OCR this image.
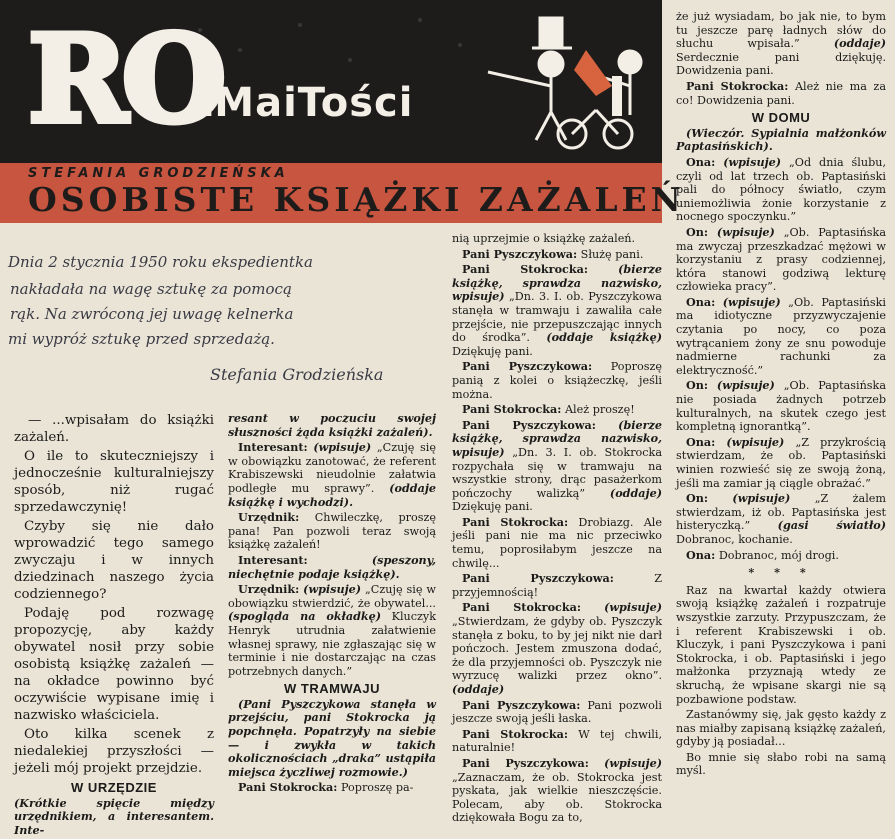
RO
zMaiTości
STEFANIA GRODZIEŃSKA
OSOBISTE KSIĄŻKI ZAŻALEŃ
Dnia 2 stycznia 1950 roku ekspedientka
nakładała na wagę sztukę za pomocą
rąk. Na zwróconą jej uwagę kelnerka
mi wypróż sztukę przed sprzedażą.
Stefania Grodzieńska

— ...wpisałam do książki zażaleń.

O ile to skuteczniejszy i jednocześnie kulturalniejszy sposób, niż rugać sprzedawczynię!

Czyby się nie dało wprowadzić tego samego zwyczaju i w innych dziedzinach naszego życia codziennego?

Podaję pod rozwagę propozycję, aby każdy obywatel nosił przy sobie osobistą książkę zażaleń — na okładce powinno być oczywiście wypisane imię i nazwisko właściciela.

Oto kilka scenek z niedalekiej przyszłości — jeżeli mój projekt przejdzie.

W URZĘDZIE

(Krótkie spięcie między urzędnikiem, a interesantem. Inte-

resant w poczuciu swojej słuszności żąda książki zażaleń).

Interesant: (wpisuje) „Czuję się w obowiązku zanotować, że referent Krabiszewski nieudolnie załatwia podległe mu sprawy”. (oddaje książkę i wychodzi).

Urzędnik: Chwileczkę, proszę pana! Pan pozwoli teraz swoją książkę zażaleń!

Interesant:	(speszony, niechętnie podaje książkę).

Urzędnik: (wpisuje) „Czuję się w obowiązku stwierdzić, że obywatel... (spogląda na okładkę) Kluczyk Henryk utrudnia załatwienie własnej sprawy, nie zgłaszając się w terminie i nie dostarczając na czas potrzebnych danych.”

W TRAMWAJU

(Pani Pyszczykowa stanęła w przejściu, pani Stokrocka ją popchnęła. Popatrzyły na siebie — i zwykła w takich okolicznościach „draka” ustąpiła miejsca życzliwej rozmowie.)

Pani Stokrocka: Poproszę pa-

nią uprzejmie o książkę zażaleń.

Pani Pyszczykowa: Służę pani.

Pani Stokrocka:	(bierze książkę, sprawdza nazwisko, wpisuje) „Dn. 3. I. ob. Pyszczykowa stanęła w tramwaju i zawaliła całe przejście, nie przepuszczając innych do środka”. (oddaje książkę) Dziękuję pani.

Pani Pyszczykowa: Poproszę panią z kolei o książeczkę, jeśli można.

Pani Stokrocka: Ależ proszę!

Pani Pyszczykowa: (bierze książkę, sprawdza nazwisko, wpisuje) „Dn. 3. I. ob. Stokrocka rozpychała się w tramwaju na wszystkie strony, drąc pasażerkom pończochy walizką” (oddaje) Dziękuję pani.

Pani Stokrocka: Drobiazg. Ale jeśli pani nie ma nic przeciwko temu, poprosiłabym jeszcze na chwilę...

Pani Pyszczykowa:	Z przyjemnością!

Pani Stokrocka: (wpisuje) „Stwierdzam, że gdyby ob. Pyszczyk stanęła z boku, to by jej nikt nie darł pończoch. Jestem zmuszona dodać, że dla przyjemności ob. Pyszczyk nie wyrzucę walizki przez okno”. (oddaje)

Pani Pyszczykowa: Pani pozwoli jeszcze swoją jeśli łaska.

Pani Stokrocka: W tej chwili, naturalnie!

Pani Pyszczykowa: (wpisuje) „Zaznaczam, że ob. Stokrocka jest pyskata, jak wielkie nieszczęście. Polecam, aby ob. Stokrocka dziękowała Bogu za to,

że już wysiadam, bo jak nie, to bym tu jeszcze parę ładnych słów do słuchu wpisała.”	(oddaje) Serdecznie pani dziękuję. Dowidzenia pani.

Pani Stokrocka: Ależ nie ma za co! Dowidzenia pani.

W DOMU

(Wieczór. Sypialnia małżonków Paptasińskich).

Ona: (wpisuje) „Od dnia ślubu, czyli od lat trzech ob. Paptasiński pali do północy światło, czym uniemożliwia żonie korzystanie z nocnego spoczynku.”

On: (wpisuje) „Ob. Paptasińska ma zwyczaj przeszkadzać mężowi w korzystaniu z prasy codziennej, która stanowi godziwą lekturę człowieka pracy”.

Ona: (wpisuje) „Ob. Paptasiński ma idiotyczne przyzwyczajenie czytania po nocy, co poza wytrącaniem żony ze snu powoduje nadmierne rachunki za elektryczność.”

On: (wpisuje) „Ob. Paptasińska nie posiada żadnych potrzeb kulturalnych, na skutek czego jest kompletną ignorantką”.

Ona: (wpisuje) „Z przykrością stwierdzam, że ob. Paptasiński winien rozwieść się ze swoją żoną, jeśli ma zamiar ją ciągle obrażać.”

On: (wpisuje) „Z żalem stwierdzam, iż ob. Paptasińska jest histeryczką.” (gasi światło) Dobranoc, kochanie.

Ona: Dobranoc, mój drogi.

* * *

Raz na kwartał każdy otwiera swoją książkę zażaleń i rozpatruje wszystkie zarzuty. Przypuszczam, że i referent Krabiszewski i ob. Kluczyk, i pani Pyszczykowa i pani Stokrocka, i ob. Paptasiński i jego małżonka przyznają wtedy ze skruchą, że wpisane skargi nie są pozbawione podstaw.

Zastanówmy się, jak gęsto każdy z nas miałby zapisaną książkę zażaleń, gdyby ją posiadał...

Bo mnie się słabo robi na samą myśl.
